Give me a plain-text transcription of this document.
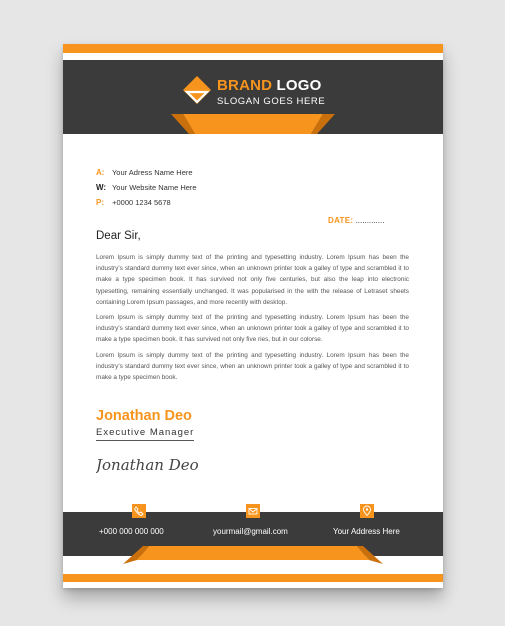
BRAND LOGO
SLOGAN GOES HERE
A: Your Adress Name Here
W: Your Website Name Here
P: +0000 1234 5678
DATE: .............
Dear Sir,

Lorem Ipsum is simply dummy text of the printing and typesetting industry. Lorem Ipsum has been the industry's standard dummy text ever since, when an unknown printer took a galley of type and scrambled it to make a type specimen book. It has survived not only five centuries, but also the leap into electronic typesetting, remaining essentially unchanged. It was popularised in the with the release of Letraset sheets containing Lorem Ipsum passages, and more recently with desktop.

Lorem Ipsum is simply dummy text of the printing and typesetting industry. Lorem Ipsum has been the industry's standard dummy text ever since, when an unknown printer took a galley of type and scrambled it to make a type specimen book. It has survived not only five ries, but in our colorse.

Lorem Ipsum is simply dummy text of the printing and typesetting industry. Lorem Ipsum has been the industry's standard dummy text ever since, when an unknown printer took a galley of type and scrambled it to make a type specimen book.

Jonathan Deo
Executive Manager
Jonathan Deo
+000 000 000 000	yourmail@gmail.com	Your Address Here
